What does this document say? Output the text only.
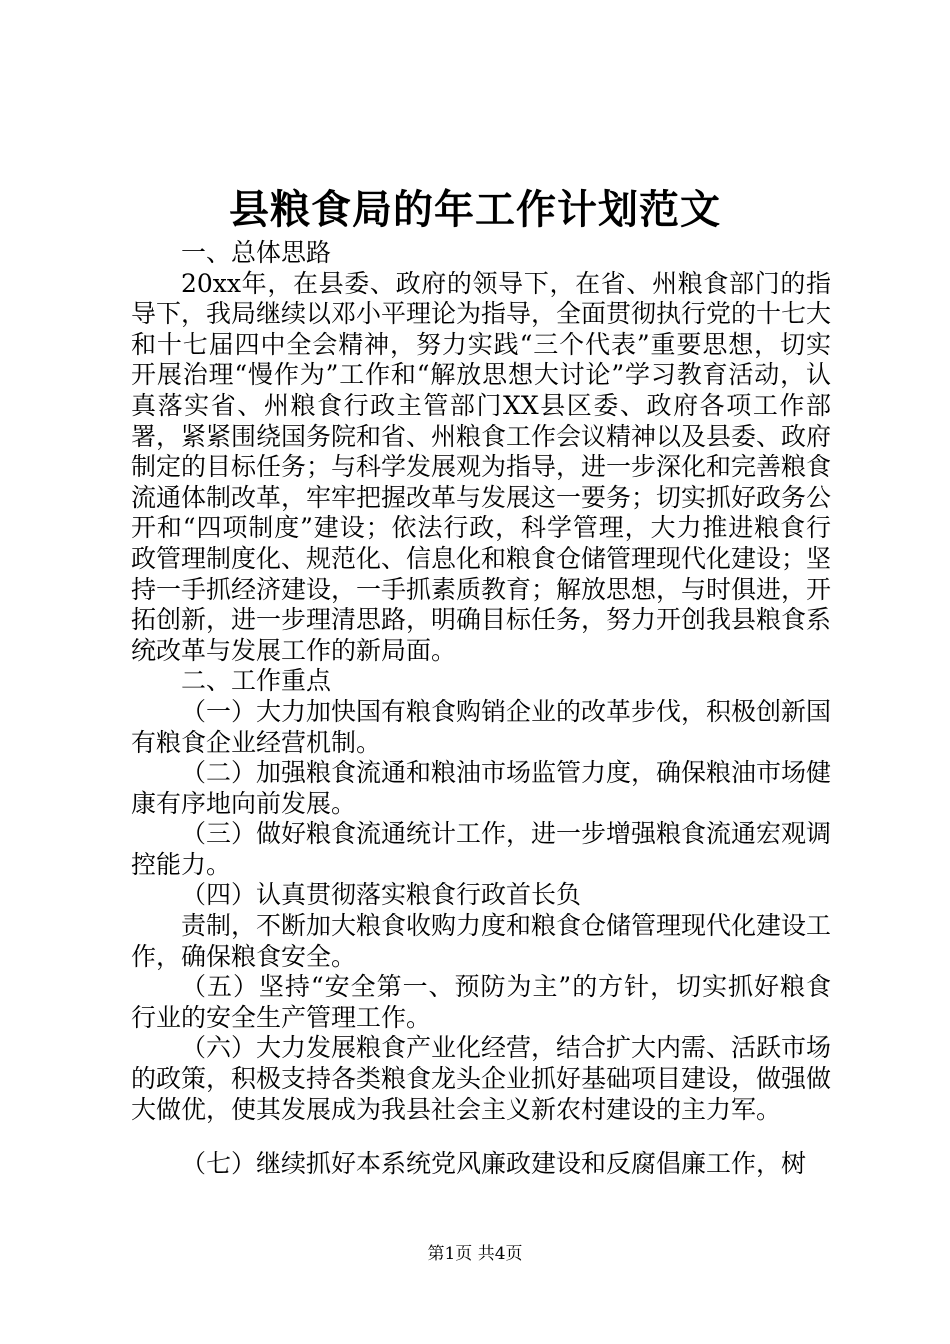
县粮食局的年工作计划范文

一、总体思路

20xx年，在县委、政府的领导下，在省、州粮食部门的指导下，我局继续以邓小平理论为指导，全面贯彻执行党的十七大和十七届四中全会精神，努力实践“三个代表”重要思想，切实开展治理“慢作为”工作和“解放思想大讨论”学习教育活动，认真落实省、州粮食行政主管部门XX县区委、政府各项工作部署，紧紧围绕国务院和省、州粮食工作会议精神以及县委、政府制定的目标任务；与科学发展观为指导，进一步深化和完善粮食流通体制改革，牢牢把握改革与发展这一要务；切实抓好政务公开和“四项制度”建设；依法行政，科学管理，大力推进粮食行政管理制度化、规范化、信息化和粮食仓储管理现代化建设；坚持一手抓经济建设，一手抓素质教育；解放思想，与时俱进，开拓创新，进一步理清思路，明确目标任务，努力开创我县粮食系统改革与发展工作的新局面。

二、工作重点

（一）大力加快国有粮食购销企业的改革步伐，积极创新国有粮食企业经营机制。

（二）加强粮食流通和粮油市场监管力度，确保粮油市场健康有序地向前发展。

（三）做好粮食流通统计工作，进一步增强粮食流通宏观调控能力。

（四）认真贯彻落实粮食行政首长负

责制，不断加大粮食收购力度和粮食仓储管理现代化建设工作，确保粮食安全。

（五）坚持“安全第一、预防为主”的方针，切实抓好粮食行业的安全生产管理工作。

（六）大力发展粮食产业化经营，结合扩大内需、活跃市场的政策，积极支持各类粮食龙头企业抓好基础项目建设，做强做大做优，使其发展成为我县社会主义新农村建设的主力军。

（七）继续抓好本系统党风廉政建设和反腐倡廉工作，树

第1页 共4页
